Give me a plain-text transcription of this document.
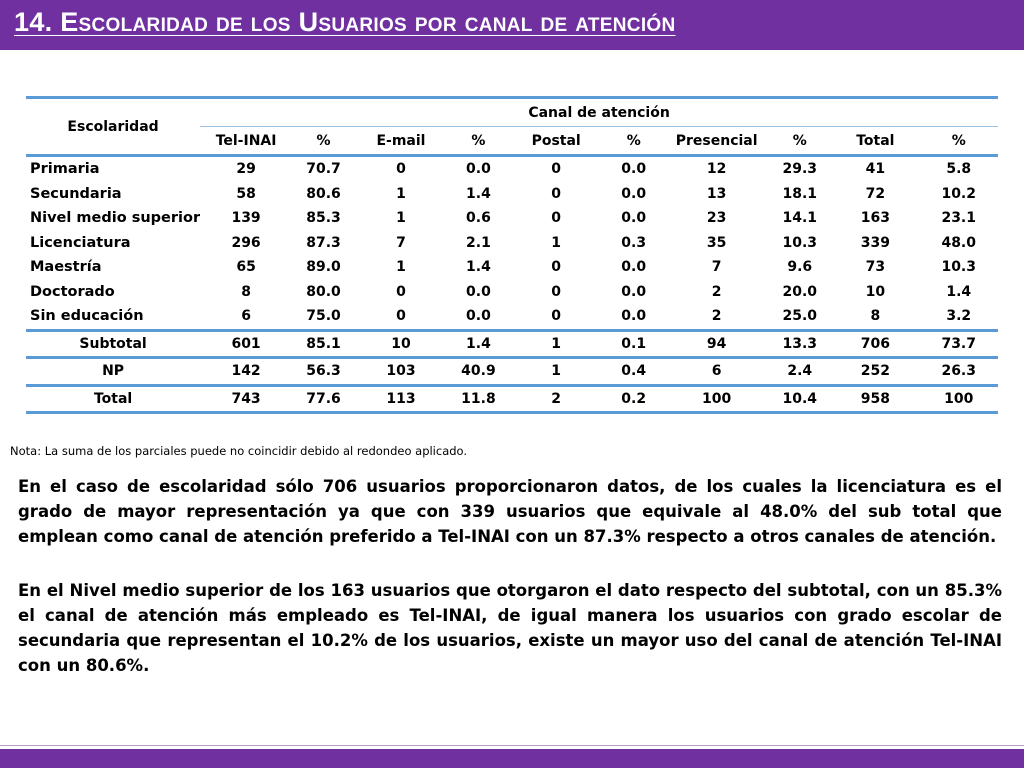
14. Escolaridad de los Usuarios por canal de atención
Escolaridad	Canal de atención									
	Tel-INAI	%	E-mail	%	Postal	%	Presencial	%	Total	%
Primaria	29	70.7	0	0.0	0	0.0	12	29.3	41	5.8
Secundaria	58	80.6	1	1.4	0	0.0	13	18.1	72	10.2
Nivel medio superior	139	85.3	1	0.6	0	0.0	23	14.1	163	23.1
Licenciatura	296	87.3	7	2.1	1	0.3	35	10.3	339	48.0
Maestría	65	89.0	1	1.4	0	0.0	7	9.6	73	10.3
Doctorado	8	80.0	0	0.0	0	0.0	2	20.0	10	1.4
Sin educación	6	75.0	0	0.0	0	0.0	2	25.0	8	3.2
Subtotal	601	85.1	10	1.4	1	0.1	94	13.3	706	73.7
NP	142	56.3	103	40.9	1	0.4	6	2.4	252	26.3
Total	743	77.6	113	11.8	2	0.2	100	10.4	958	100

Nota: La suma de los parciales puede no coincidir debido al redondeo aplicado.

En el caso de escolaridad sólo 706 usuarios proporcionaron datos, de los cuales la licenciatura es el grado de mayor representación ya que con 339 usuarios que equivale al 48.0% del sub total que emplean como canal de atención preferido a Tel-INAI con un 87.3% respecto a otros canales de atención.

En el Nivel medio superior de los 163 usuarios que otorgaron el dato respecto del subtotal, con un 85.3% el canal de atención más empleado es Tel-INAI, de igual manera los usuarios con grado escolar de secundaria que representan el 10.2% de los usuarios, existe un mayor uso del canal de atención Tel-INAI con un 80.6%.
